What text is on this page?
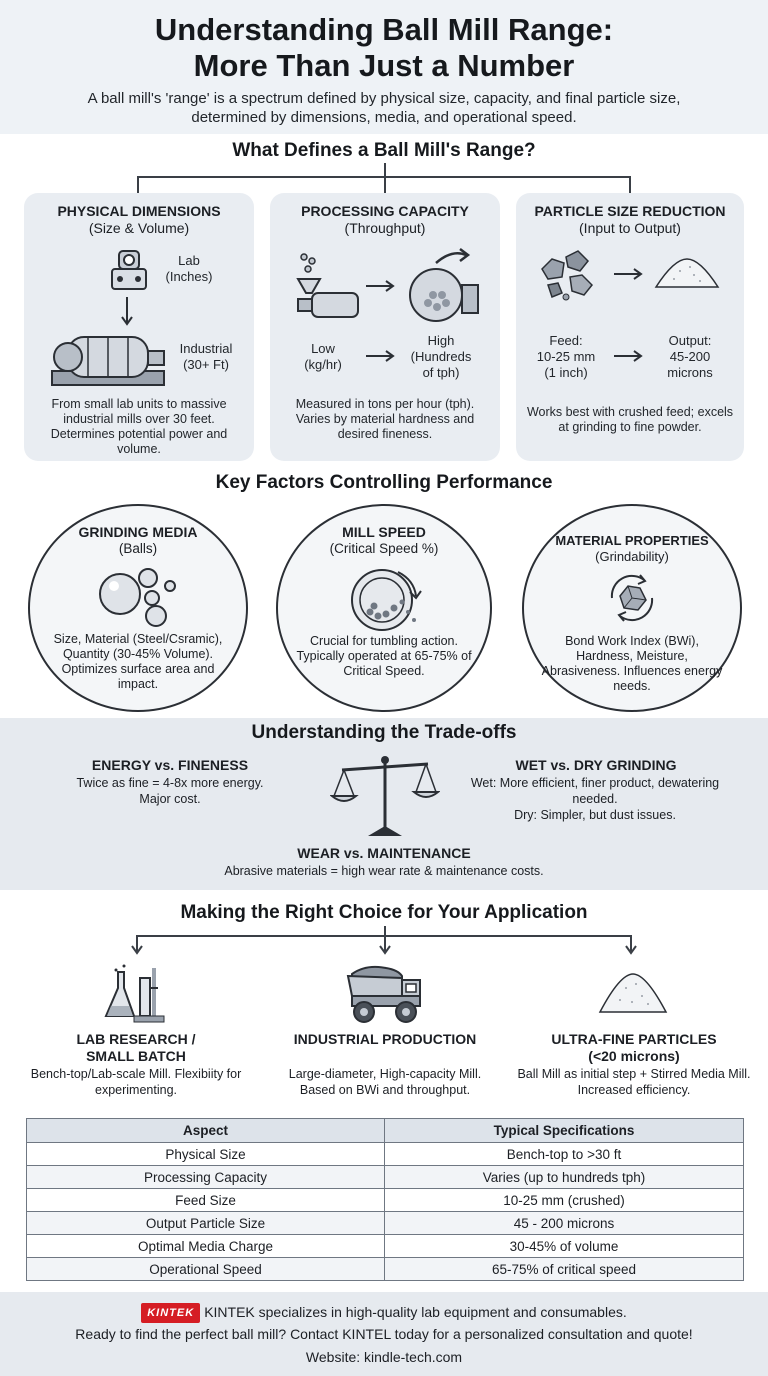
Understanding Ball Mill Range:
More Than Just a Number
A ball mill's 'range' is a spectrum defined by physical size, capacity, and final particle size, determined by dimensions, media, and operational speed.
What Defines a Ball Mill's Range?
PHYSICAL DIMENSIONS
(Size & Volume)
Lab
(Inches)
Industrial
(30+ Ft)
From small lab units to massive industrial mills over 30 feet. Determines potential power and volume.
PROCESSING CAPACITY
(Throughput)
Low
(kg/hr)
High
(Hundreds
of tph)
Measured in tons per hour (tph). Varies by material hardness and desired fineness.
PARTICLE SIZE REDUCTION
(Input to Output)
Feed:
10-25 mm
(1 inch)
Output:
45-200
microns
Works best with crushed feed; excels at grinding to fine powder.
Key Factors Controlling Performance
GRINDING MEDIA
(Balls)
Size, Material (Steel/Csramic), Quantity (30-45% Volume). Optimizes surface area and impact.
MILL SPEED
(Critical Speed %)
Crucial for tumbling action. Typically operated at 65-75% of Critical Speed.
MATERIAL PROPERTIES
(Grindability)
Bond Work Index (BWi), Hardness, Meisture, Abrasiveness. Influences energy needs.
Understanding the Trade-offs
ENERGY vs. FINENESS
Twice as fine = 4-8x more energy. Major cost.
WET vs. DRY GRINDING
Wet: More efficient, finer product, dewatering needed.
Dry: Simpler, but dust issues.
WEAR vs. MAINTENANCE
Abrasive materials = high wear rate & maintenance costs.
Making the Right Choice for Your Application
LAB RESEARCH /
SMALL BATCH
Bench-top/Lab-scale Mill. Flexibiity for experimenting.
INDUSTRIAL PRODUCTION
Large-diameter, High-capacity Mill. Based on BWi and throughput.
ULTRA-FINE PARTICLES
(<20 microns)
Ball Mill as initial step + Stirred Media Mill. Increased efficiency.
Aspect	Typical Specifications
Physical Size	Bench-top to >30 ft
Processing Capacity	Varies (up to hundreds tph)
Feed Size	10-25 mm (crushed)
Output Particle Size	45 - 200 microns
Optimal Media Charge	30-45% of volume
Operational Speed	65-75% of critical speed
KINTEK KINTEK specializes in high-quality lab equipment and consumables.
Ready to find the perfect ball mill? Contact KINTEL today for a personalized consultation and quote!
Website: kindle-tech.com
